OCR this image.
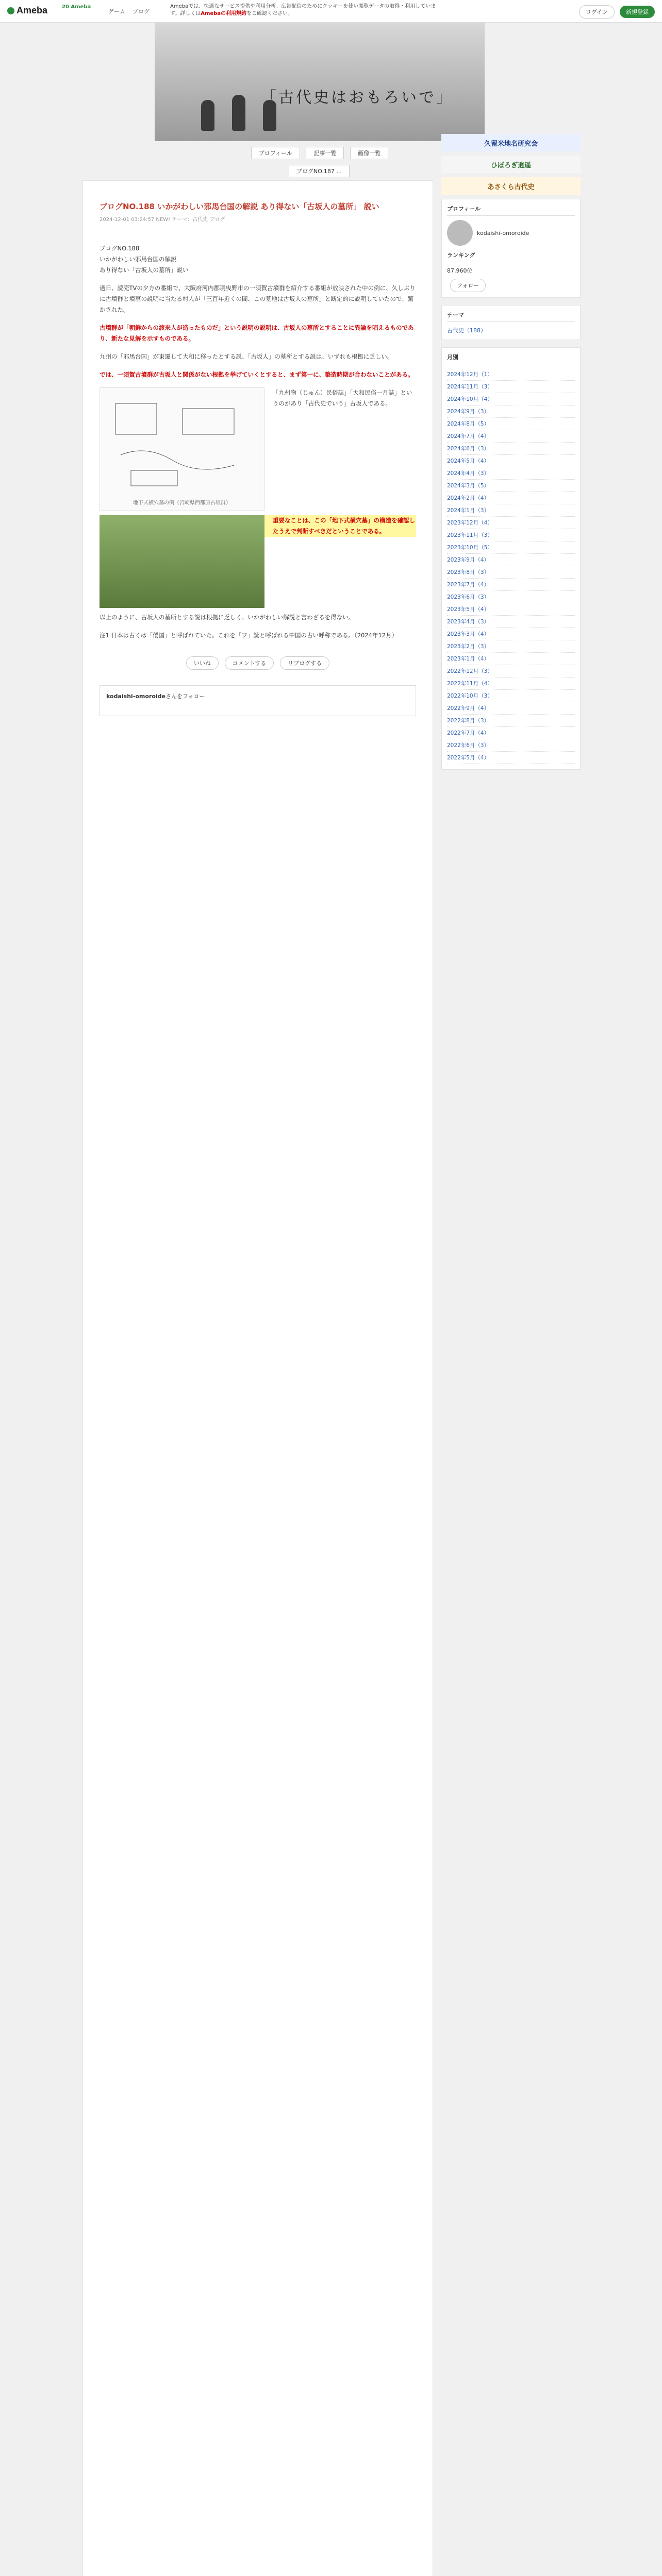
Ameba	20 Ameba
ゲーム ブログ
Amebaでは、快適なサービス提供や利用分析、広告配信のためにクッキーを使い閲覧データの取得・利用しています。詳しくはAmebaの利用規約をご確認ください。	ログイン	新規登録
「古代史はおもろいで」
プロフィール	記事一覧	画像一覧
ブログNO.187 ...
ブログNO.188 いかがわしい邪馬台国の解説 あり得ない「古坂人の墓所」 説い
2024-12-01 03:24:57 NEW! テーマ：古代史 ブログ

ブログNO.188
いかがわしい邪馬台国の解説
あり得ない「古坂人の墓所」説い

過日、読売TVの夕方の番組で、大阪府河内郡羽曳野市の一須賀古墳群を紹介する番組が放映された中の例に、久しぶりに古墳群と墳墓の説明に当たる村人が「三百年近くの間、この墓地は古坂人の墓所」と断定的に説明していたので、驚かされた。

古墳群が「朝鮮からの渡来人が造ったものだ」という説明の説明は、古坂人の墓所とすることに異論を唱えるものであり、新たな見解を示すものである。

九州の「邪馬台国」が東遷して大和に移ったとする説、「古坂人」の墓所とする説は、いずれも根拠に乏しい。

では、一須賀古墳群が古坂人と関係がない根拠を挙げていくとすると、まず第一に、築造時期が合わないことがある。

地下式横穴墓の例（宮崎県西都原古墳群）

「九州物（じゅん）民俗誌」「大和民俗一月誌」というのがあり「古代史でいう」古坂人である。

重要なことは、この「地下式横穴墓」の構造を確認したうえで判断すべきだということである。

以上のように、古坂人の墓所とする説は根拠に乏しく、いかがわしい解説と言わざるを得ない。

注1 日本は古くは「倭国」と呼ばれていた。これを「ワ」読と呼ばれる中国の古い呼称である。（2024年12月）

いいね	コメントする	リブログする
kodaishi-omoroideさんをフォロー
久留米地名研究会
ひぼろぎ逍遥
あさくら古代史
プロフィール
kodaishi-omoroide
ランキング
87,960位
フォロー
テーマ
古代史（188）
月別
2024年12月（1）
2024年11月（3）
2024年10月（4）
2024年9月（3）
2024年8月（5）
2024年7月（4）
2024年6月（3）
2024年5月（4）
2024年4月（3）
2024年3月（5）
2024年2月（4）
2024年1月（3）
2023年12月（4）
2023年11月（3）
2023年10月（5）
2023年9月（4）
2023年8月（3）
2023年7月（4）
2023年6月（3）
2023年5月（4）
2023年4月（3）
2023年3月（4）
2023年2月（3）
2023年1月（4）
2022年12月（3）
2022年11月（4）
2022年10月（3）
2022年9月（4）
2022年8月（3）
2022年7月（4）
2022年6月（3）
2022年5月（4）
